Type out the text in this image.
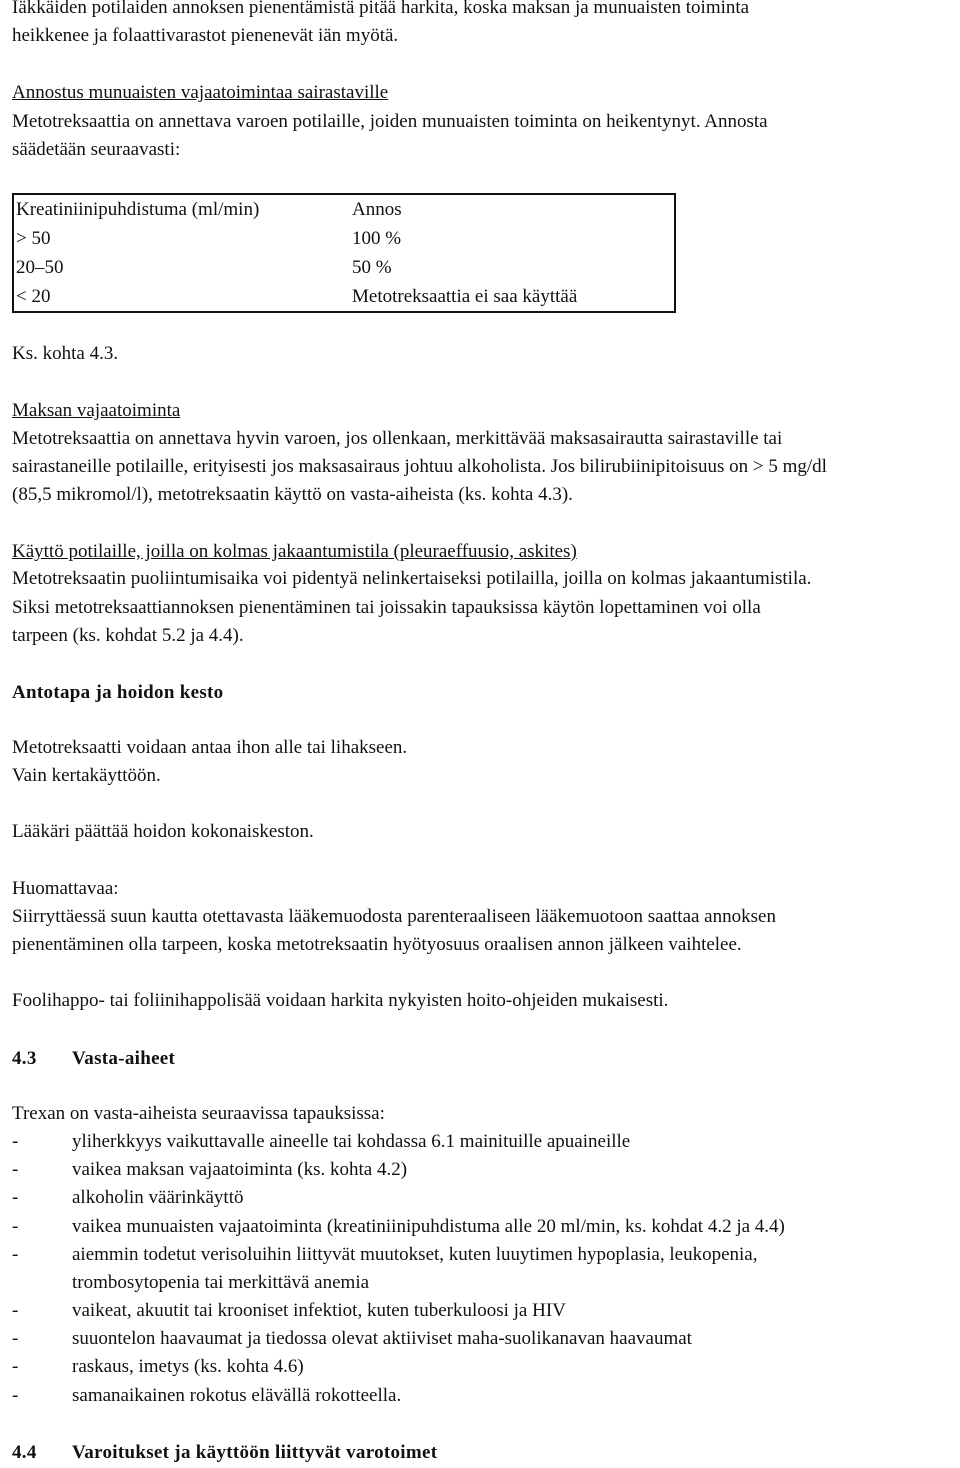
Iäkkäiden potilaiden annoksen pienentämistä pitää harkita, koska maksan ja munuaisten toiminta
heikkenee ja folaattivarastot pienenevät iän myötä.
Annostus munuaisten vajaatoimintaa sairastaville
Metotreksaattia on annettava varoen potilaille, joiden munuaisten toiminta on heikentynyt. Annosta
säädetään seuraavasti:
Kreatiniinipuhdistuma (ml/min)	Annos
> 50	100 %
20–50	50 %
< 20	Metotreksaattia ei saa käyttää
Ks. kohta 4.3.
Maksan vajaatoiminta
Metotreksaattia on annettava hyvin varoen, jos ollenkaan, merkittävää maksasairautta sairastaville tai
sairastaneille potilaille, erityisesti jos maksasairaus johtuu alkoholista. Jos bilirubiinipitoisuus on > 5 mg/dl
(85,5 mikromol/l), metotreksaatin käyttö on vasta-aiheista (ks. kohta 4.3).
Käyttö potilaille, joilla on kolmas jakaantumistila (pleuraeffuusio, askites)
Metotreksaatin puoliintumisaika voi pidentyä nelinkertaiseksi potilailla, joilla on kolmas jakaantumistila.
Siksi metotreksaattiannoksen pienentäminen tai joissakin tapauksissa käytön lopettaminen voi olla
tarpeen (ks. kohdat 5.2 ja 4.4).
Antotapa ja hoidon kesto
Metotreksaatti voidaan antaa ihon alle tai lihakseen.
Vain kertakäyttöön.
Lääkäri päättää hoidon kokonaiskeston.
Huomattavaa:
Siirryttäessä suun kautta otettavasta lääkemuodosta parenteraaliseen lääkemuotoon saattaa annoksen
pienentäminen olla tarpeen, koska metotreksaatin hyötyosuus oraalisen annon jälkeen vaihtelee.
Foolihappo- tai foliinihappolisää voidaan harkita nykyisten hoito-ohjeiden mukaisesti.
4.3 Vasta-aiheet
Trexan on vasta-aiheista seuraavissa tapauksissa:
-	yliherkkyys vaikuttavalle aineelle tai kohdassa 6.1 mainituille apuaineille
-	vaikea maksan vajaatoiminta (ks. kohta 4.2)
-	alkoholin väärinkäyttö
-	vaikea munuaisten vajaatoiminta (kreatiniinipuhdistuma alle 20 ml/min, ks. kohdat 4.2 ja 4.4)
-	aiemmin todetut verisoluihin liittyvät muutokset, kuten luuytimen hypoplasia, leukopenia,
trombosytopenia tai merkittävä anemia
-	vaikeat, akuutit tai krooniset infektiot, kuten tuberkuloosi ja HIV
-	suuontelon haavaumat ja tiedossa olevat aktiiviset maha-suolikanavan haavaumat
-	raskaus, imetys (ks. kohta 4.6)
-	samanaikainen rokotus elävällä rokotteella.
4.4 Varoitukset ja käyttöön liittyvät varotoimet
